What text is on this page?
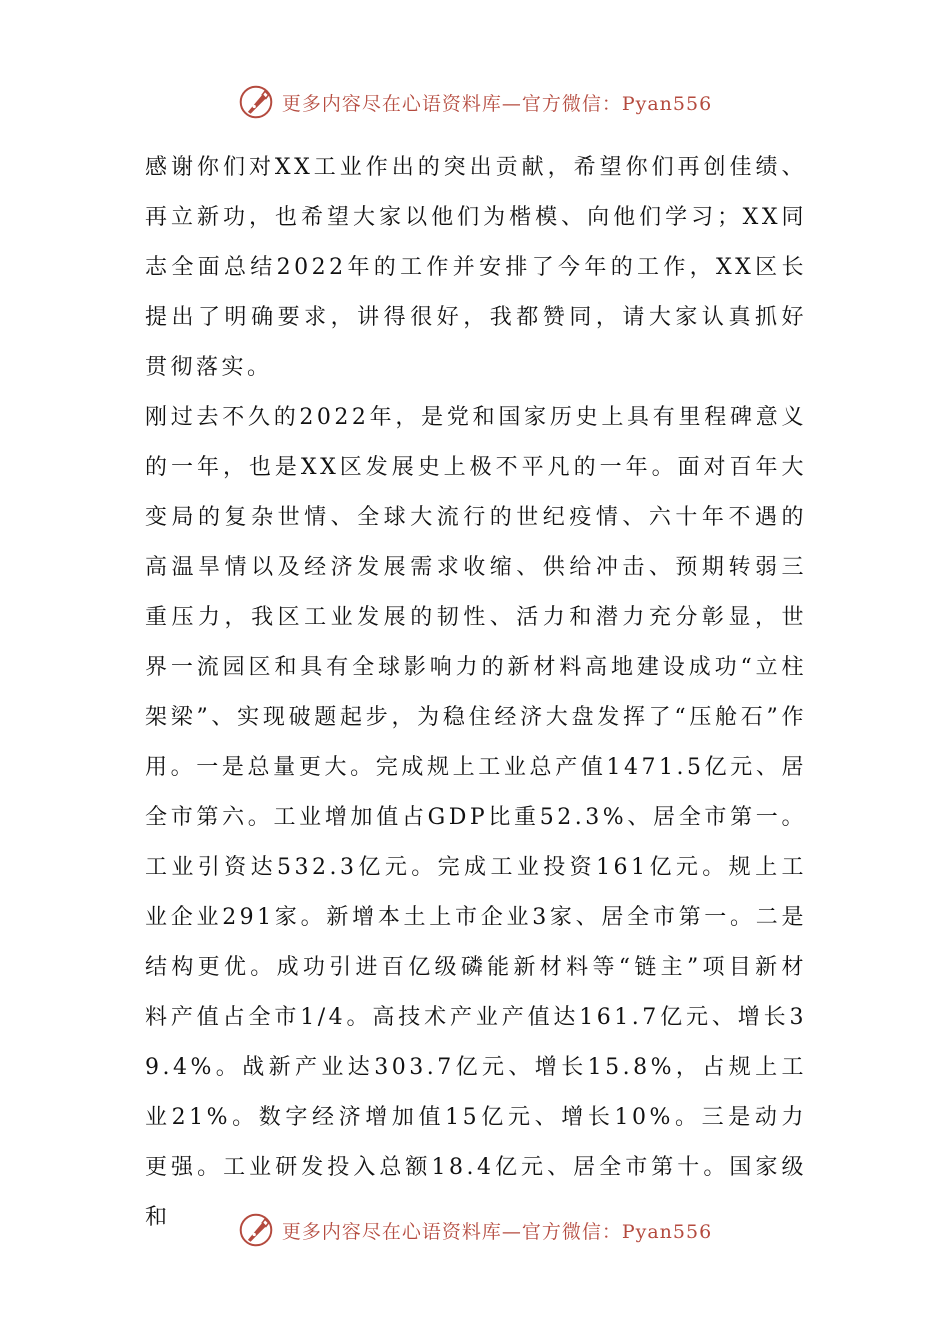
更多内容尽在心语资料库—官方微信：Pyan556

感谢你们对XX工业作出的突出贡献，希望你们再创佳绩、再立新功，也希望大家以他们为楷模、向他们学习；XX同志全面总结2022年的工作并安排了今年的工作，XX区长提出了明确要求，讲得很好，我都赞同，请大家认真抓好贯彻落实。

刚过去不久的2022年，是党和国家历史上具有里程碑意义的一年，也是XX区发展史上极不平凡的一年。面对百年大变局的复杂世情、全球大流行的世纪疫情、六十年不遇的高温旱情以及经济发展需求收缩、供给冲击、预期转弱三重压力，我区工业发展的韧性、活力和潜力充分彰显，世界一流园区和具有全球影响力的新材料高地建设成功“立柱架梁”、实现破题起步，为稳住经济大盘发挥了“压舱石”作用。一是总量更大。完成规上工业总产值1471.5亿元、居全市第六。工业增加值占GDP比重52.3%、居全市第一。工业引资达532.3亿元。完成工业投资161亿元。规上工业企业291家。新增本土上市企业3家、居全市第一。二是结构更优。成功引进百亿级磷能新材料等“链主”项目新材料产值占全市1/4。高技术产业产值达161.7亿元、增长39.4%。战新产业达303.7亿元、增长15.8%，占规上工业21%。数字经济增加值15亿元、增长10%。三是动力更强。工业研发投入总额18.4亿元、居全市第十。国家级和

更多内容尽在心语资料库—官方微信：Pyan556
